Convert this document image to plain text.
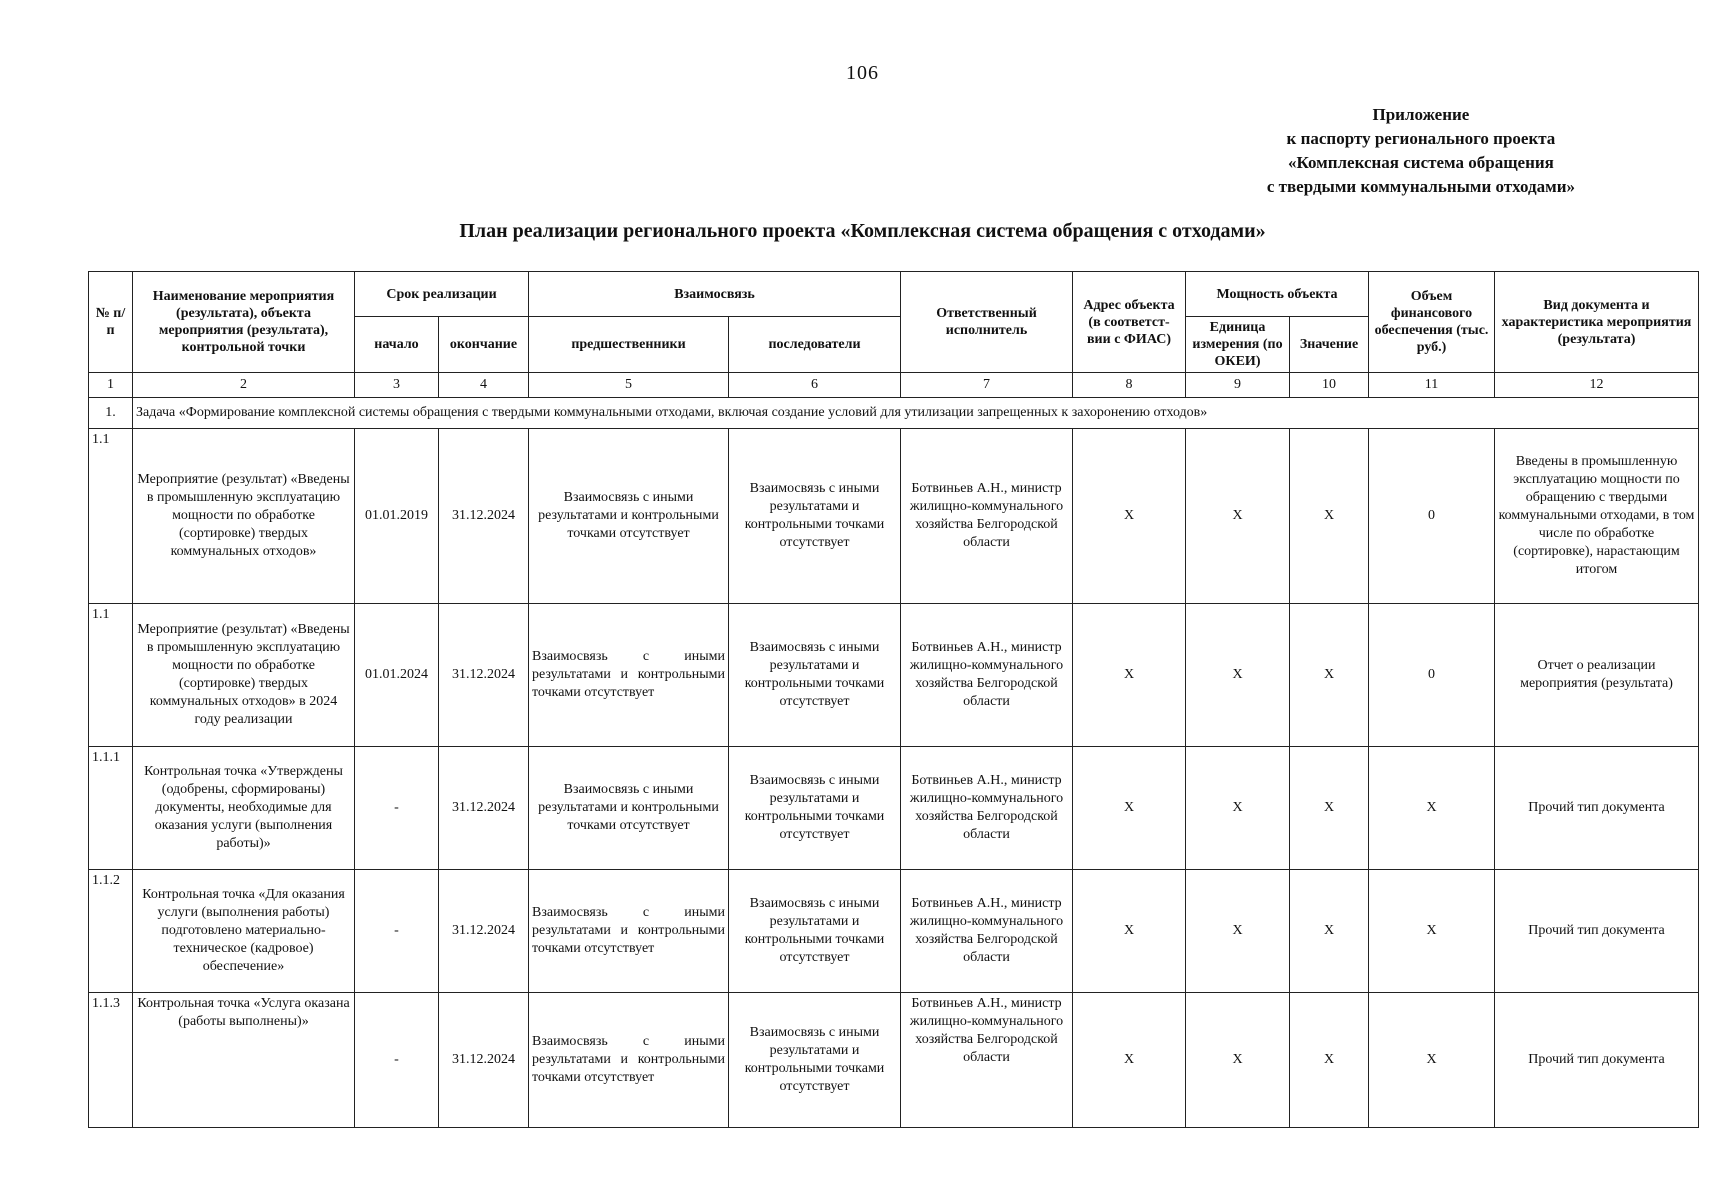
106
Приложение
к паспорту регионального проекта
«Комплексная система обращения
с твердыми коммунальными отходами»
План реализации регионального проекта «Комплексная система обращения с отходами»
№ п/п	Наименование мероприятия (результата), объекта мероприятия (результата), контрольной точки	Срок реализации		Взаимосвязь		Ответственный исполнитель	Адрес объекта (в соответст- вии с ФИАС)	Мощность объекта		Объем финансового обеспечения (тыс. руб.)	Вид документа и характеристика мероприятия (результата)
		начало	окончание	предшественники	последователи			Единица измерения (по ОКЕИ)	Значение		
1	2	3	4	5	6	7	8	9	10	11	12
1.	Задача «Формирование комплексной системы обращения с твердыми коммунальными отходами, включая создание условий для утилизации запрещенных к захоронению отходов»										
1.1	Мероприятие (результат) «Введены в промышленную эксплуатацию мощности по обработке (сортировке) твердых коммунальных отходов»	01.01.2019	31.12.2024	Взаимосвязь с иными результатами и контрольными точками отсутствует	Взаимосвязь с иными результатами и контрольными точками отсутствует	Ботвиньев А.Н., министр жилищно-коммунального хозяйства Белгородской области	X	X	X	0	Введены в промышленную эксплуатацию мощности по обращению с твердыми коммунальными отходами, в том числе по обработке (сортировке), нарастающим итогом
1.1	Мероприятие (результат) «Введены в промышленную эксплуатацию мощности по обработке (сортировке) твердых коммунальных отходов» в 2024 году реализации	01.01.2024	31.12.2024	Взаимосвязь с иными результатами и контрольными точками отсутствует	Взаимосвязь с иными результатами и контрольными точками отсутствует	Ботвиньев А.Н., министр жилищно-коммунального хозяйства Белгородской области	X	X	X	0	Отчет о реализации мероприятия (результата)
1.1.1	Контрольная точка «Утверждены (одобрены, сформированы) документы, необходимые для оказания услуги (выполнения работы)»	-	31.12.2024	Взаимосвязь с иными результатами и контрольными точками отсутствует	Взаимосвязь с иными результатами и контрольными точками отсутствует	Ботвиньев А.Н., министр жилищно-коммунального хозяйства Белгородской области	X	X	X	X	Прочий тип документа
1.1.2	Контрольная точка «Для оказания услуги (выполнения работы) подготовлено материально-техническое (кадровое) обеспечение»	-	31.12.2024	Взаимосвязь с иными результатами и контрольными точками отсутствует	Взаимосвязь с иными результатами и контрольными точками отсутствует	Ботвиньев А.Н., министр жилищно-коммунального хозяйства Белгородской области	X	X	X	X	Прочий тип документа
1.1.3	Контрольная точка «Услуга оказана (работы выполнены)»	-	31.12.2024	Взаимосвязь с иными результатами и контрольными точками отсутствует	Взаимосвязь с иными результатами и контрольными точками отсутствует	Ботвиньев А.Н., министр жилищно-коммунального хозяйства Белгородской области	X	X	X	X	Прочий тип документа
